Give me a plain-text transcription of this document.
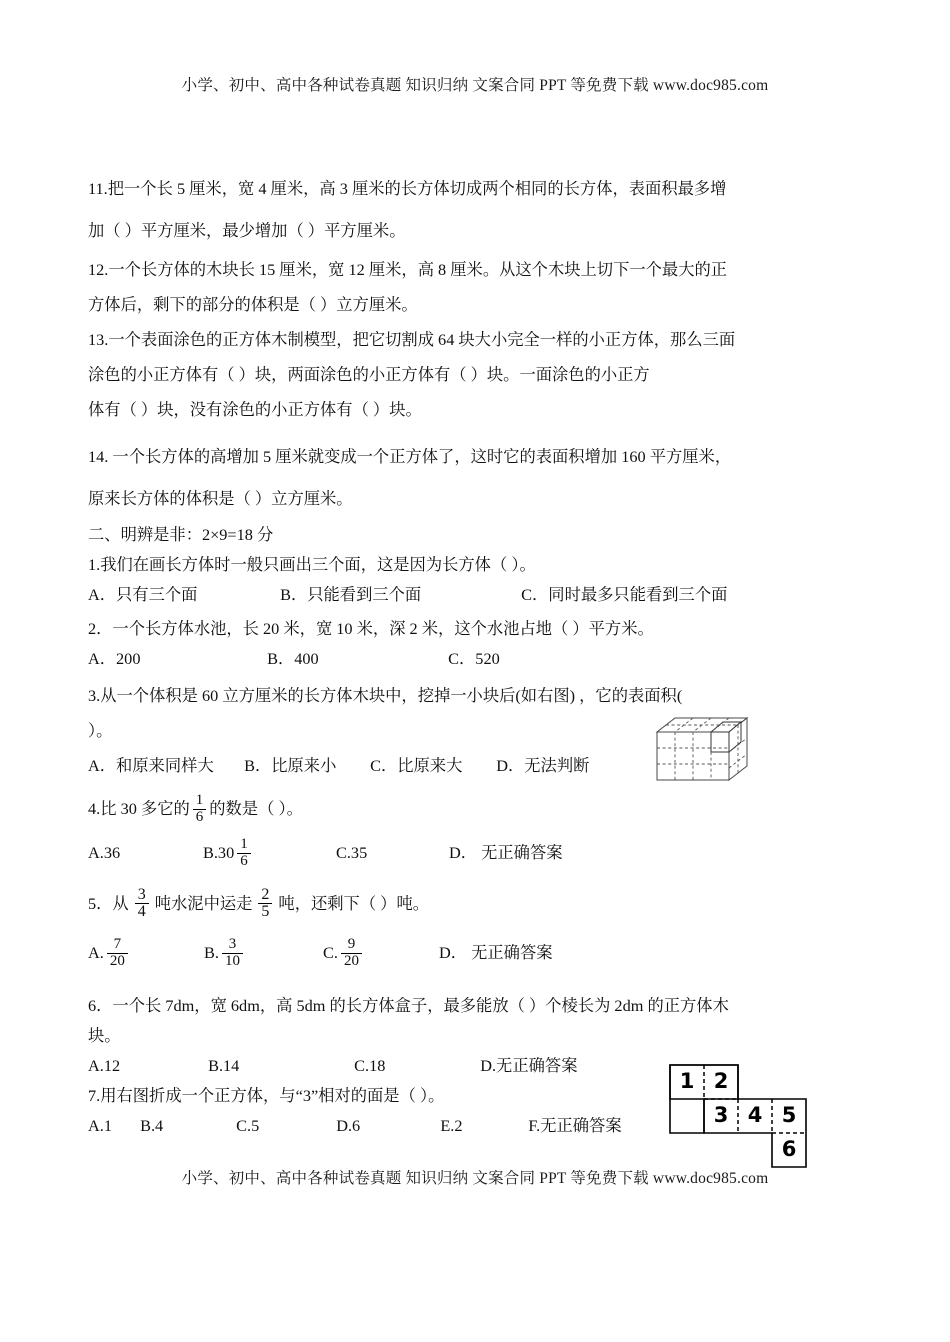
小学、初中、高中各种试卷真题 知识归纳 文案合同 PPT 等免费下载 www.doc985.com
11.把一个长 5 厘米，宽 4 厘米，高 3 厘米的长方体切成两个相同的长方体，表面积最多增
加（ ）平方厘米，最少增加（ ）平方厘米。
12.一个长方体的木块长 15 厘米，宽 12 厘米，高 8 厘米。从这个木块上切下一个最大的正
方体后，剩下的部分的体积是（ ）立方厘米。
13.一个表面涂色的正方体木制模型，把它切割成 64 块大小完全一样的小正方体，那么三面
涂色的小正方体有（ ）块，两面涂色的小正方体有（ ）块。一面涂色的小正方
体有（ ）块，没有涂色的小正方体有（ ）块。
14. 一个长方体的高增加 5 厘米就变成一个正方体了，这时它的表面积增加 160 平方厘米，
原来长方体的体积是（ ）立方厘米。
二、明辨是非：2×9=18 分
1.我们在画长方体时一般只画出三个面，这是因为长方体（ ）。
A．只有三个面	B．只能看到三个面	C．同时最多只能看到三个面
2．一个长方体水池，长 20 米，宽 10 米，深 2 米，这个水池占地（ ）平方米。
A．200	B．400	C．520
3.从一个体积是 60 立方厘米的长方体木块中，挖掉一小块后(如右图) ，它的表面积(
）。
A．和原来同样大 B．比原来小 C．比原来大 D．无法判断
4.比 30 多它的 $\frac{1}{6}$ 的数是（ ）。
A.36	$B.30 \frac{1}{6}$	C.35	D． 无正确答案
5．从 $\frac{3}{4}$ 吨水泥中运走 $\frac{2}{5}$ 吨，还剩下（ ）吨。
A. $\frac{7}{20}$	B. $\frac{3}{10}$	C. $\frac{9}{20}$	D． 无正确答案
6．一个长 7dm，宽 6dm，高 5dm 的长方体盒子，最多能放（ ）个棱长为 2dm 的正方体木
块。
A.12	B.14	C.18	D.无正确答案
7.用右图折成一个正方体，与“3”相对的面是（ ）。
A.1 B.4	C.5	D.6	E.2	F.无正确答案
1 2
3 4 5
6
小学、初中、高中各种试卷真题 知识归纳 文案合同 PPT 等免费下载 www.doc985.com
